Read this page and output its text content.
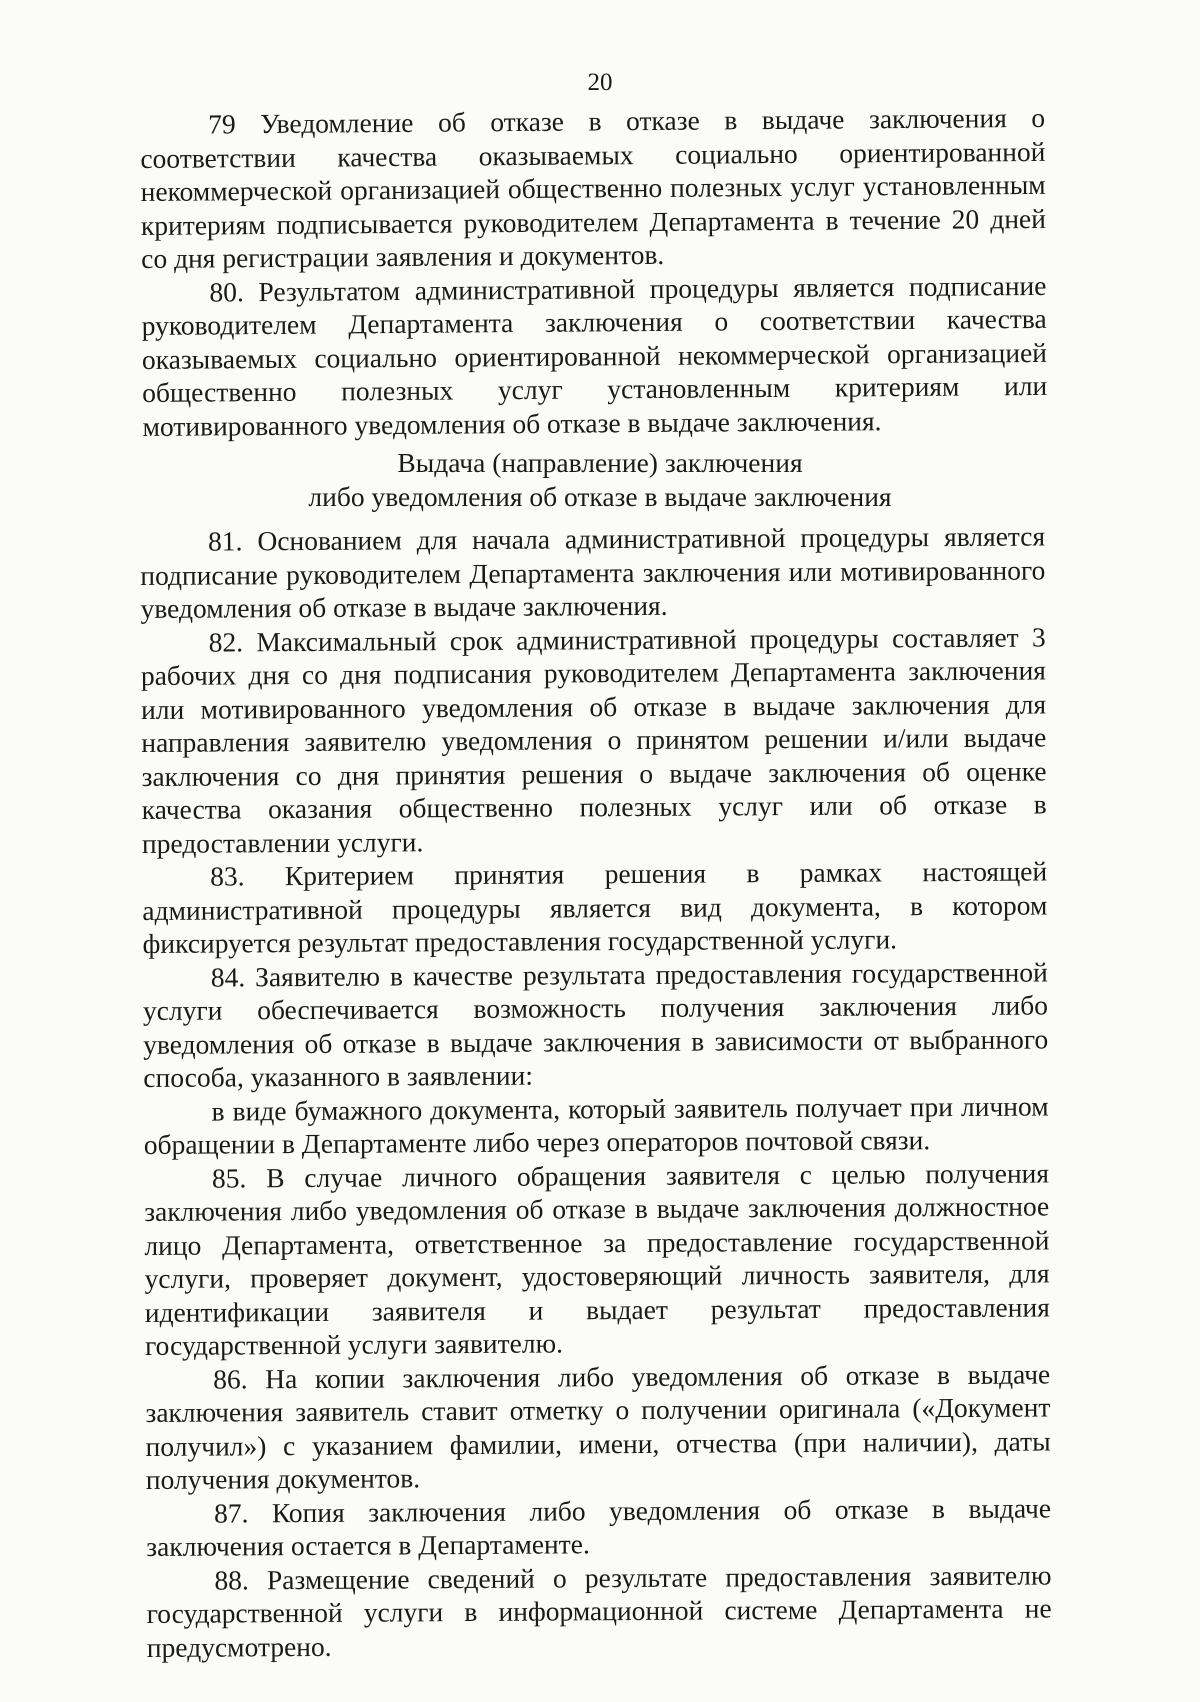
20

79 Уведомление об отказе в отказе в выдаче заключения о соответствии качества оказываемых социально ориентированной некоммерческой организацией общественно полезных услуг установленным критериям подписывается руководителем Департамента в течение 20 дней со дня регистрации заявления и документов.

80. Результатом административной процедуры является подписание руководителем Департамента заключения о соответствии качества оказываемых социально ориентированной некоммерческой организацией общественно полезных услуг установленным критериям или мотивированного уведомления об отказе в выдаче заключения.

Выдача (направление) заключения
либо уведомления об отказе в выдаче заключения

81. Основанием для начала административной процедуры является подписание руководителем Департамента заключения или мотивированного уведомления об отказе в выдаче заключения.

82. Максимальный срок административной процедуры составляет 3 рабочих дня со дня подписания руководителем Департамента заключения или мотивированного уведомления об отказе в выдаче заключения для направления заявителю уведомления о принятом решении и/или выдаче заключения со дня принятия решения о выдаче заключения об оценке качества оказания общественно полезных услуг или об отказе в предоставлении услуги.

83. Критерием принятия решения в рамках настоящей административной процедуры является вид документа, в котором фиксируется результат предоставления государственной услуги.

84. Заявителю в качестве результата предоставления государственной услуги обеспечивается возможность получения заключения либо уведомления об отказе в выдаче заключения в зависимости от выбранного способа, указанного в заявлении:

в виде бумажного документа, который заявитель получает при личном обращении в Департаменте либо через операторов почтовой связи.

85. В случае личного обращения заявителя с целью получения заключения либо уведомления об отказе в выдаче заключения должностное лицо Департамента, ответственное за предоставление государственной услуги, проверяет документ, удостоверяющий личность заявителя, для идентификации заявителя и выдает результат предоставления государственной услуги заявителю.

86. На копии заключения либо уведомления об отказе в выдаче заключения заявитель ставит отметку о получении оригинала («Документ получил») с указанием фамилии, имени, отчества (при наличии), даты получения документов.

87. Копия заключения либо уведомления об отказе в выдаче заключения остается в Департаменте.

88. Размещение сведений о результате предоставления заявителю государственной услуги в информационной системе Департамента не предусмотрено.
